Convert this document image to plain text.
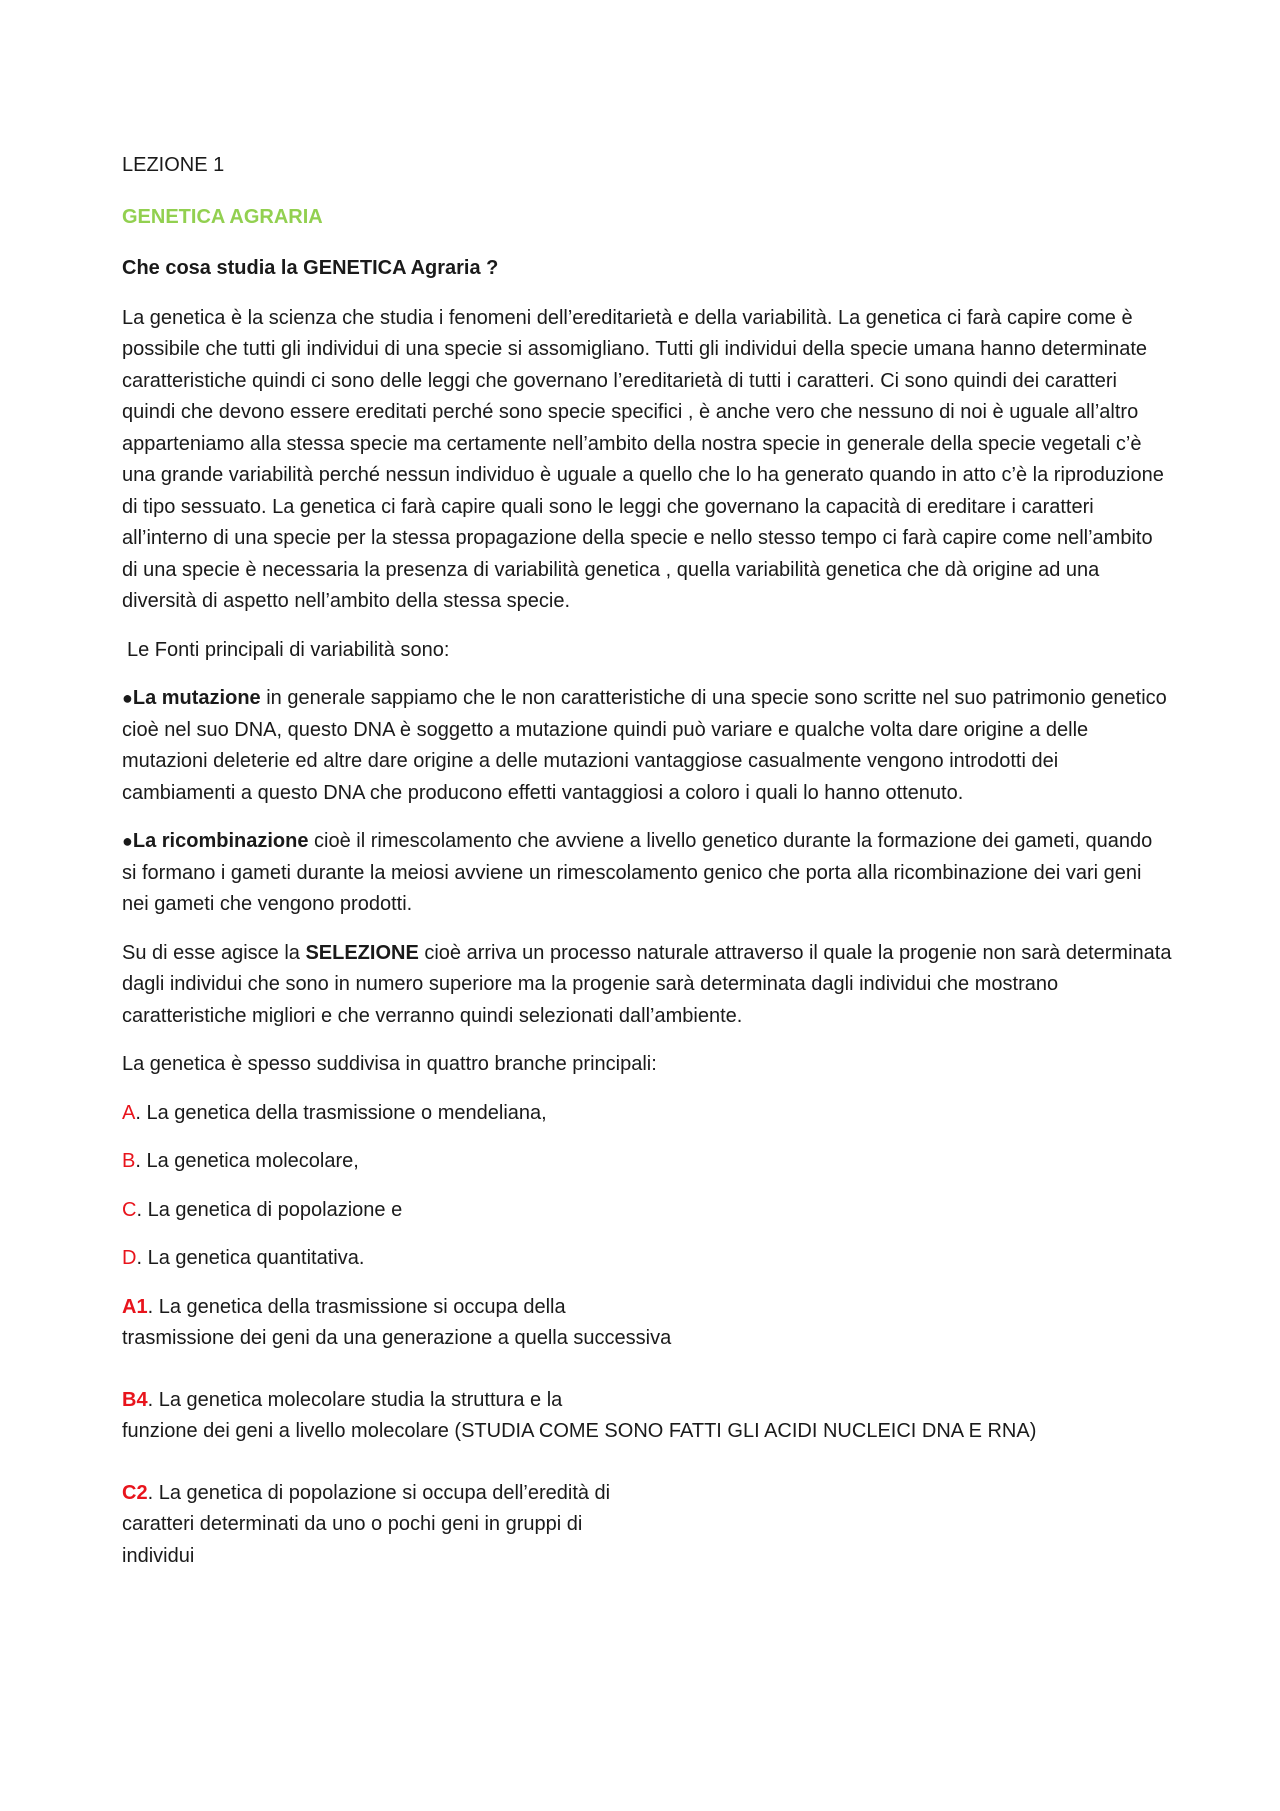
LEZIONE 1

GENETICA AGRARIA

Che cosa studia la GENETICA Agraria ?

La genetica è la scienza che studia i fenomeni dell’ereditarietà e della variabilità. La genetica ci farà capire come è possibile che tutti gli individui di una specie si assomigliano. Tutti gli individui della specie umana hanno determinate caratteristiche quindi ci sono delle leggi che governano l’ereditarietà di tutti i caratteri. Ci sono quindi dei caratteri quindi che devono essere ereditati perché sono specie specifici , è anche vero che nessuno di noi è uguale all’altro apparteniamo alla stessa specie ma certamente nell’ambito della nostra specie in generale della specie vegetali c’è una grande variabilità perché nessun individuo è uguale a quello che lo ha generato quando in atto c’è la riproduzione di tipo sessuato. La genetica ci farà capire quali sono le leggi che governano la capacità di ereditare i caratteri all’interno di una specie per la stessa propagazione della specie e nello stesso tempo ci farà capire come nell’ambito di una specie è necessaria la presenza di variabilità genetica , quella variabilità genetica che dà origine ad una diversità di aspetto nell’ambito della stessa specie.

Le Fonti principali di variabilità sono:

●La mutazione in generale sappiamo che le non caratteristiche di una specie sono scritte nel suo patrimonio genetico cioè nel suo DNA, questo DNA è soggetto a mutazione quindi può variare e qualche volta dare origine a delle mutazioni deleterie ed altre dare origine a delle mutazioni vantaggiose casualmente vengono introdotti dei cambiamenti a questo DNA che producono effetti vantaggiosi a coloro i quali lo hanno ottenuto.

●La ricombinazione cioè il rimescolamento che avviene a livello genetico durante la formazione dei gameti, quando si formano i gameti durante la meiosi avviene un rimescolamento genico che porta alla ricombinazione dei vari geni nei gameti che vengono prodotti.

Su di esse agisce la SELEZIONE cioè arriva un processo naturale attraverso il quale la progenie non sarà determinata dagli individui che sono in numero superiore ma la progenie sarà determinata dagli individui che mostrano caratteristiche migliori e che verranno quindi selezionati dall’ambiente.

La genetica è spesso suddivisa in quattro branche principali:

A. La genetica della trasmissione o mendeliana,

B. La genetica molecolare,

C. La genetica di popolazione e

D. La genetica quantitativa.

A1. La genetica della trasmissione si occupa della
trasmissione dei geni da una generazione a quella successiva

B4. La genetica molecolare studia la struttura e la
funzione dei geni a livello molecolare (STUDIA COME SONO FATTI GLI ACIDI NUCLEICI DNA E RNA)

C2. La genetica di popolazione si occupa dell’eredità di
caratteri determinati da uno o pochi geni in gruppi di
individui
